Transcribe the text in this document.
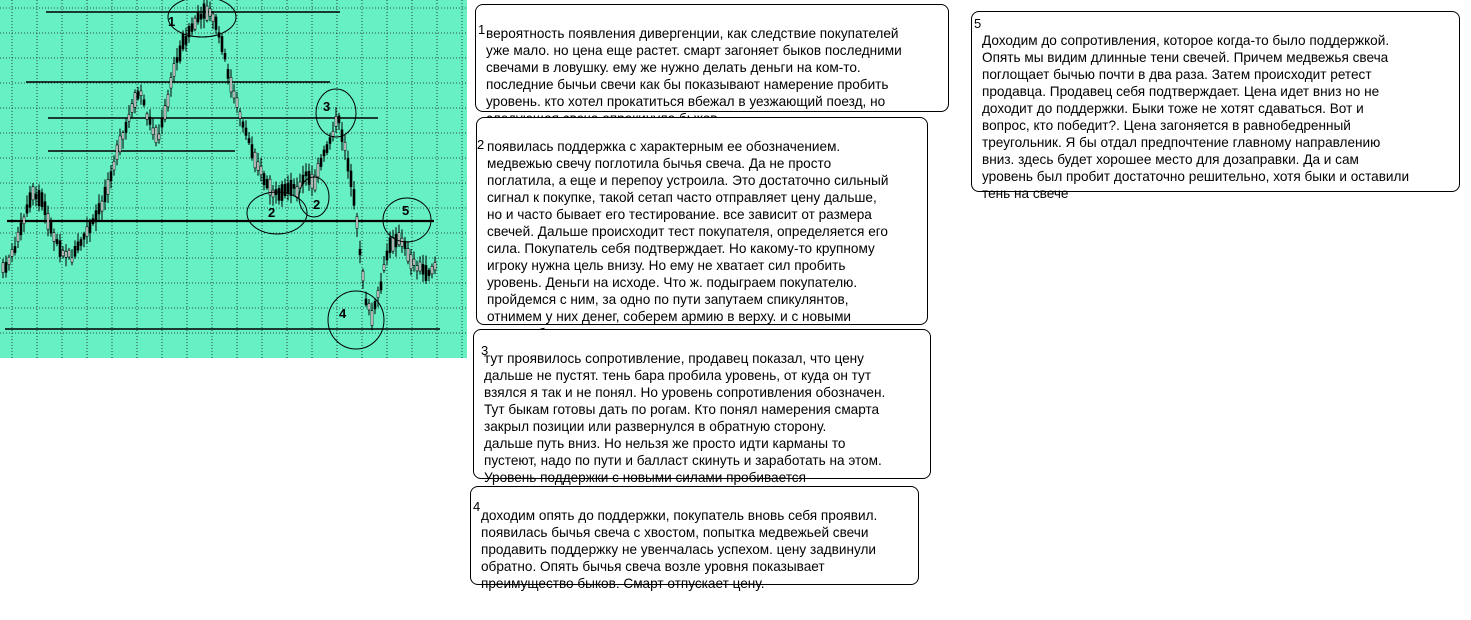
1
2
2
3
4
5

вероятность появления дивергенции, как следствие покупателей
уже мало. но цена еще растет. смарт загоняет быков последними
свечами в ловушку. ему же нужно делать деньги на ком-то.
последние бычьи свечи как бы показывают намерение пробить
уровень. кто хотел прокатиться вбежал в уезжающий поезд, но

1

появилась поддержка с характерным ее обозначением.
медвежью свечу поглотила бычья свеча. Да не просто
поглатила, а еще и перепоу устроила. Это достаточно сильный
сигнал к покупке, такой сетап часто отправляет цену дальше,
но и часто бывает его тестирование. все зависит от размера
свечей. Дальше происходит тест покупателя, определяется его
сила. Покупатель себя подтверждает. Но какому-то крупному
игроку нужна цель внизу. Но ему не хватает сил пробить
уровень. Деньги на исходе. Что ж. подыграем покупателю.
пройдемся с ним, за одно по пути запутаем спикулянтов,
отнимем у них денег, соберем армию в верху. и с новыми

2

тут проявилось сопротивление, продавец показал, что цену
дальше не пустят. тень бара пробила уровень, от куда он тут
взялся я так и не понял. Но уровень сопротивления обозначен.
Тут быкам готовы дать по рогам. Кто понял намерения смарта
закрыл позиции или развернулся в обратную сторону.
дальше путь вниз. Но нельзя же просто идти карманы то
пустеют, надо по пути и балласт скинуть и заработать на этом.
Уровень поддержки с новыми силами пробивается

3

доходим опять до поддержки, покупатель вновь себя проявил.
появилась бычья свеча с хвостом, попытка медвежьей свечи
продавить поддержку не увенчалась успехом. цену задвинули
обратно. Опять бычья свеча возле уровня показывает
преимущество быков. Смарт отпускает цену.

4

Доходим до сопротивления, которое когда-то было поддержкой.
Опять мы видим длинные тени свечей. Причем медвежья свеча
поглощает бычью почти в два раза. Затем происходит ретест
продавца. Продавец себя подтверждает. Цена идет вниз но не
доходит до поддержки. Быки тоже не хотят сдаваться. Вот и
вопрос, кто победит?. Цена загоняется в равнобедренный
треугольник. Я бы отдал предпочтение главному направлению
вниз. здесь будет хорошее место для дозаправки. Да и сам
уровень был пробит достаточно решительно, хотя быки и оставили
тень на свече

5
